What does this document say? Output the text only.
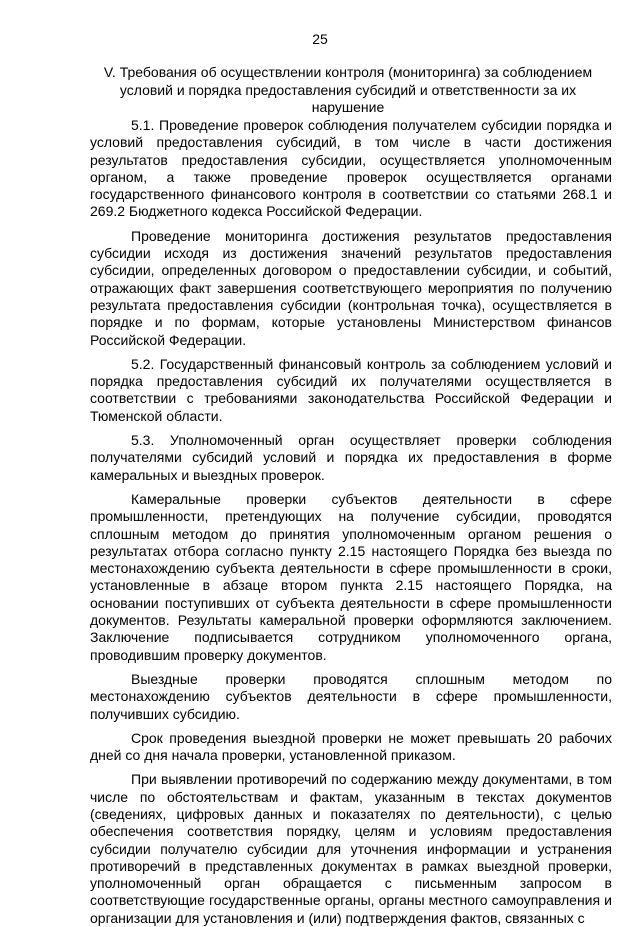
25
V. Требования об осуществлении контроля (мониторинга) за соблюдением условий и порядка предоставления субсидий и ответственности за их нарушение

5.1. Проведение проверок соблюдения получателем субсидии порядка и условий предоставления субсидий, в том числе в части достижения результатов предоставления субсидии, осуществляется уполномоченным органом, а также проведение проверок осуществляется органами государственного финансового контроля в соответствии со статьями 268.1 и 269.2 Бюджетного кодекса Российской Федерации.

Проведение мониторинга достижения результатов предоставления субсидии исходя из достижения значений результатов предоставления субсидии, определенных договором о предоставлении субсидии, и событий, отражающих факт завершения соответствующего мероприятия по получению результата предоставления субсидии (контрольная точка), осуществляется в порядке и по формам, которые установлены Министерством финансов Российской Федерации.

5.2. Государственный финансовый контроль за соблюдением условий и порядка предоставления субсидий их получателями осуществляется в соответствии с требованиями законодательства Российской Федерации и Тюменской области.

5.3. Уполномоченный орган осуществляет проверки соблюдения получателями субсидий условий и порядка их предоставления в форме камеральных и выездных проверок.

Камеральные проверки субъектов деятельности в сфере промышленности, претендующих на получение субсидии, проводятся сплошным методом до принятия уполномоченным органом решения о результатах отбора согласно пункту 2.15 настоящего Порядка без выезда по местонахождению субъекта деятельности в сфере промышленности в сроки, установленные в абзаце втором пункта 2.15 настоящего Порядка, на основании поступивших от субъекта деятельности в сфере промышленности документов. Результаты камеральной проверки оформляются заключением. Заключение подписывается сотрудником уполномоченного органа, проводившим проверку документов.

Выездные проверки проводятся сплошным методом по местонахождению субъектов деятельности в сфере промышленности, получивших субсидию.

Срок проведения выездной проверки не может превышать 20 рабочих дней со дня начала проверки, установленной приказом.

При выявлении противоречий по содержанию между документами, в том числе по обстоятельствам и фактам, указанным в текстах документов (сведениях, цифровых данных и показателях по деятельности), с целью обеспечения соответствия порядку, целям и условиям предоставления субсидии получателю субсидии для уточнения информации и устранения противоречий в представленных документах в рамках выездной проверки, уполномоченный орган обращается с письменным запросом в соответствующие государственные органы, органы местного самоуправления и организации для установления и (или) подтверждения фактов, связанных с
